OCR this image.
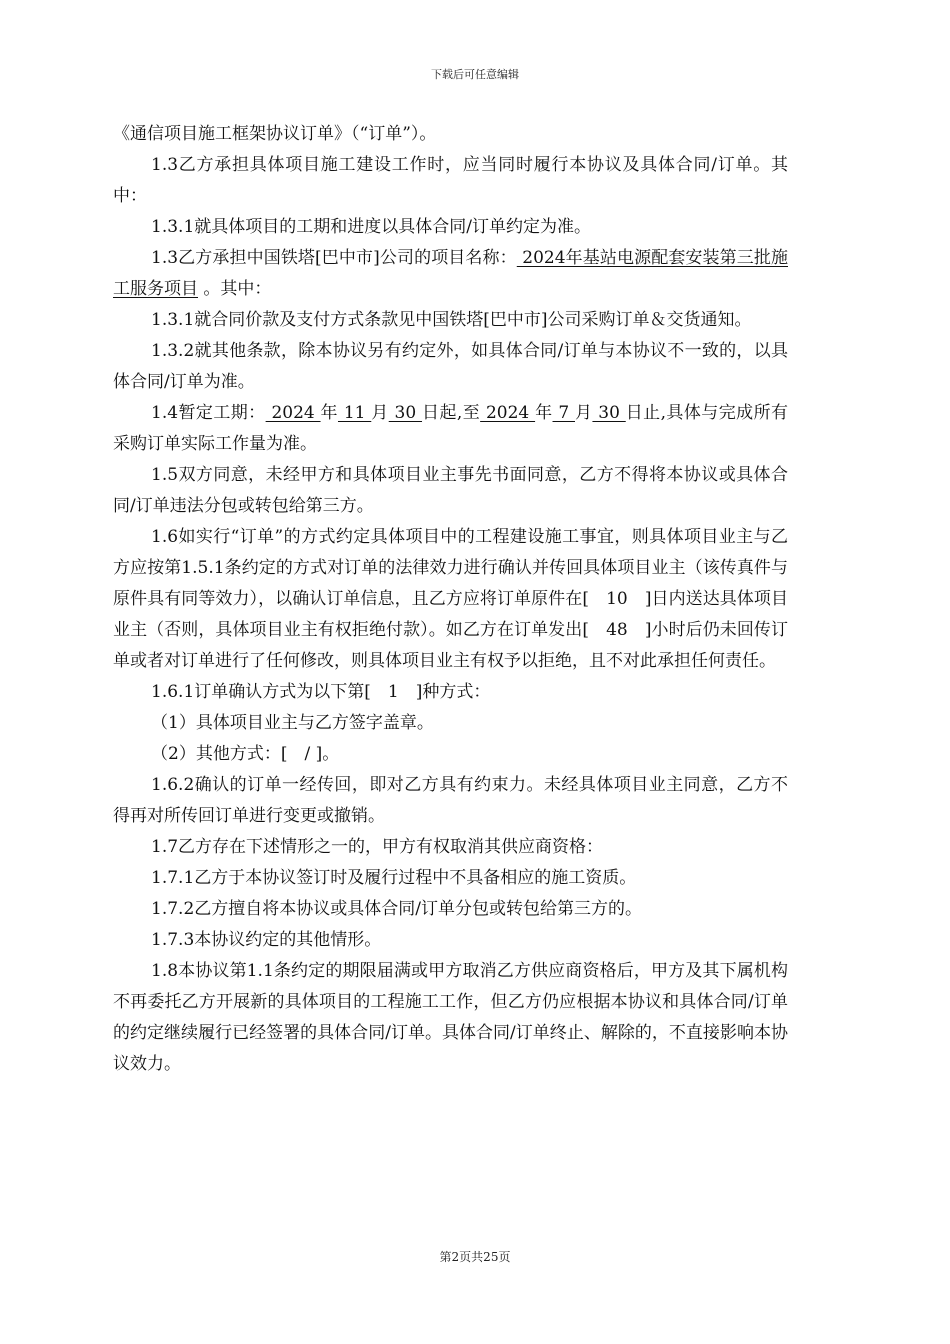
下载后可任意编辑

《通信项目施工框架协议订单》（“订单”）。

1.3乙方承担具体项目施工建设工作时，应当同时履行本协议及具体合同/订单。其中：

1.3.1就具体项目的工期和进度以具体合同/订单约定为准。

1.3乙方承担中国铁塔[巴中市]公司的项目名称： 2024年基站电源配套安装第三批施工服务项目 。其中：

1.3.1就合同价款及支付方式条款见中国铁塔[巴中市]公司采购订单＆交货通知。

1.3.2就其他条款，除本协议另有约定外，如具体合同/订单与本协议不一致的，以具体合同/订单为准。

1.4暂定工期： 2024 年 11 月 30 日起,至 2024 年 7 月 30 日止,具体与完成所有采购订单实际工作量为准。

1.5双方同意，未经甲方和具体项目业主事先书面同意，乙方不得将本协议或具体合同/订单违法分包或转包给第三方。

1.6如实行“订单”的方式约定具体项目中的工程建设施工事宜，则具体项目业主与乙方应按第1.5.1条约定的方式对订单的法律效力进行确认并传回具体项目业主（该传真件与原件具有同等效力），以确认订单信息，且乙方应将订单原件在[　10　]日内送达具体项目业主（否则，具体项目业主有权拒绝付款）。如乙方在订单发出[　48　]小时后仍未回传订单或者对订单进行了任何修改，则具体项目业主有权予以拒绝，且不对此承担任何责任。

1.6.1订单确认方式为以下第[　1　]种方式：

（1）具体项目业主与乙方签字盖章。

（2）其他方式：[　/ ]。

1.6.2确认的订单一经传回，即对乙方具有约束力。未经具体项目业主同意，乙方不得再对所传回订单进行变更或撤销。

1.7乙方存在下述情形之一的，甲方有权取消其供应商资格：

1.7.1乙方于本协议签订时及履行过程中不具备相应的施工资质。

1.7.2乙方擅自将本协议或具体合同/订单分包或转包给第三方的。

1.7.3本协议约定的其他情形。

1.8本协议第1.1条约定的期限届满或甲方取消乙方供应商资格后，甲方及其下属机构不再委托乙方开展新的具体项目的工程施工工作，但乙方仍应根据本协议和具体合同/订单的约定继续履行已经签署的具体合同/订单。具体合同/订单终止、解除的，不直接影响本协议效力。

第2页共25页
